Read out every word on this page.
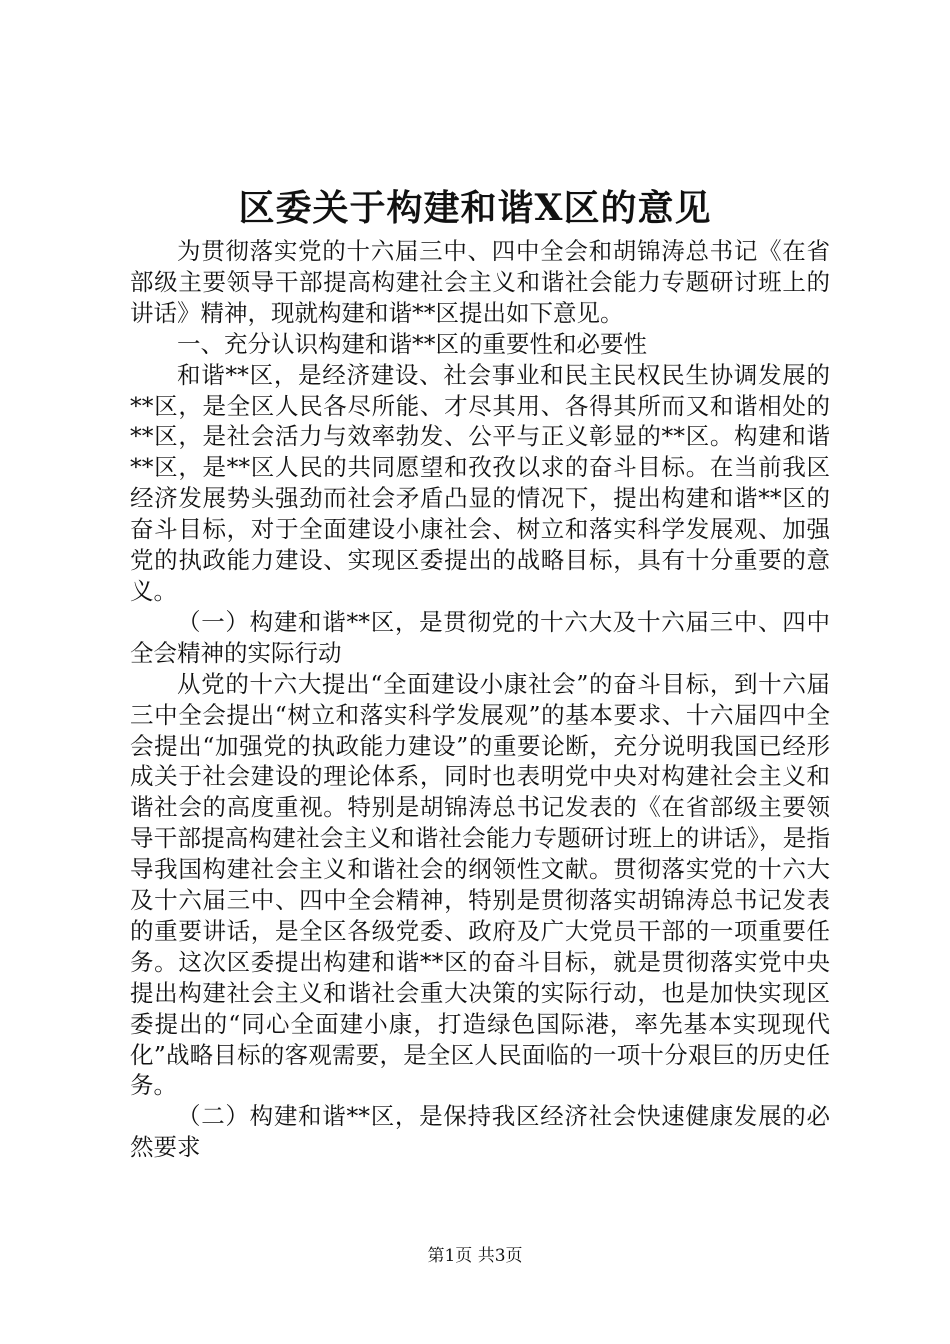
区委关于构建和谐X区的意见

为贯彻落实党的十六届三中、四中全会和胡锦涛总书记《在省部级主要领导干部提高构建社会主义和谐社会能力专题研讨班上的讲话》精神，现就构建和谐**区提出如下意见。

一、充分认识构建和谐**区的重要性和必要性

和谐**区，是经济建设、社会事业和民主民权民生协调发展的**区，是全区人民各尽所能、才尽其用、各得其所而又和谐相处的**区，是社会活力与效率勃发、公平与正义彰显的**区。构建和谐**区，是**区人民的共同愿望和孜孜以求的奋斗目标。在当前我区经济发展势头强劲而社会矛盾凸显的情况下，提出构建和谐**区的奋斗目标，对于全面建设小康社会、树立和落实科学发展观、加强党的执政能力建设、实现区委提出的战略目标，具有十分重要的意义。

（一）构建和谐**区，是贯彻党的十六大及十六届三中、四中全会精神的实际行动

从党的十六大提出“全面建设小康社会”的奋斗目标，到十六届三中全会提出“树立和落实科学发展观”的基本要求、十六届四中全会提出“加强党的执政能力建设”的重要论断，充分说明我国已经形成关于社会建设的理论体系，同时也表明党中央对构建社会主义和谐社会的高度重视。特别是胡锦涛总书记发表的《在省部级主要领导干部提高构建社会主义和谐社会能力专题研讨班上的讲话》，是指导我国构建社会主义和谐社会的纲领性文献。贯彻落实党的十六大及十六届三中、四中全会精神，特别是贯彻落实胡锦涛总书记发表的重要讲话，是全区各级党委、政府及广大党员干部的一项重要任务。这次区委提出构建和谐**区的奋斗目标，就是贯彻落实党中央提出构建社会主义和谐社会重大决策的实际行动，也是加快实现区委提出的“同心全面建小康，打造绿色国际港，率先基本实现现代化”战略目标的客观需要，是全区人民面临的一项十分艰巨的历史任务。

（二）构建和谐**区，是保持我区经济社会快速健康发展的必然要求

第1页 共3页
